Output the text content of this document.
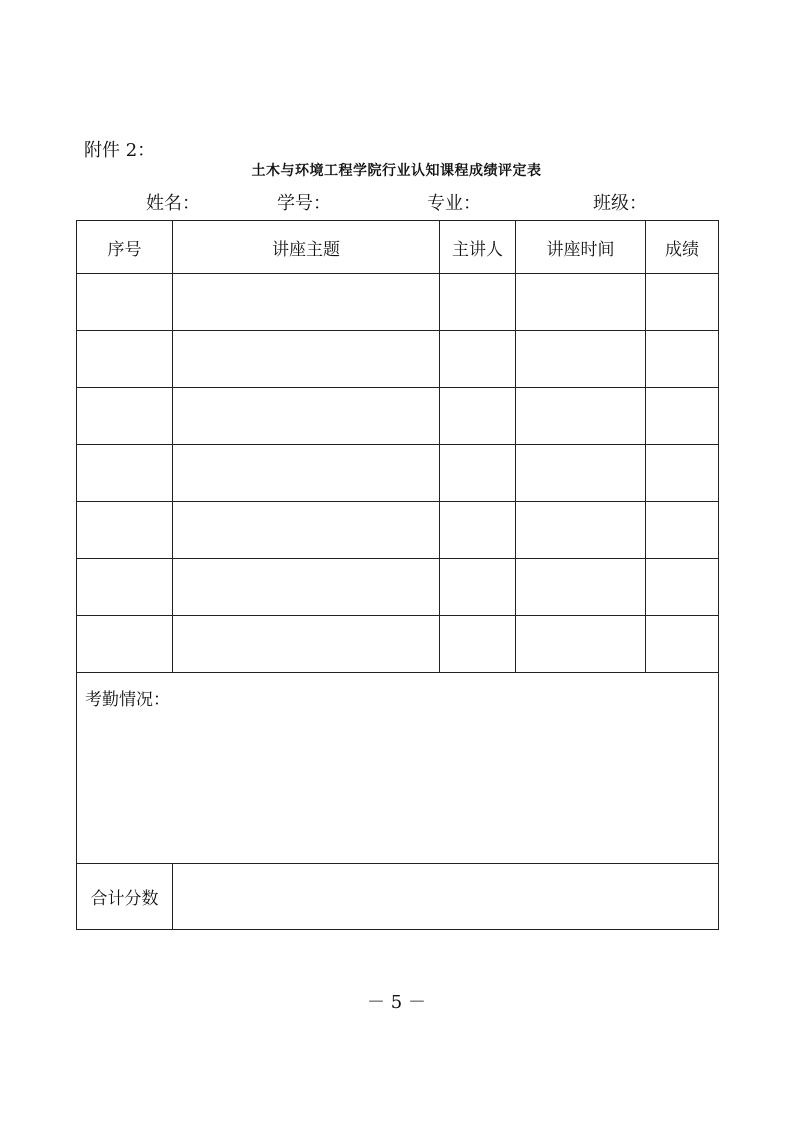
附件 2：
土木与环境工程学院行业认知课程成绩评定表
姓名：	学号：	专业：	班级：
序号	讲座主题	主讲人	讲座时间	成绩

考勤情况：				
合计分数				
－ 5 －
